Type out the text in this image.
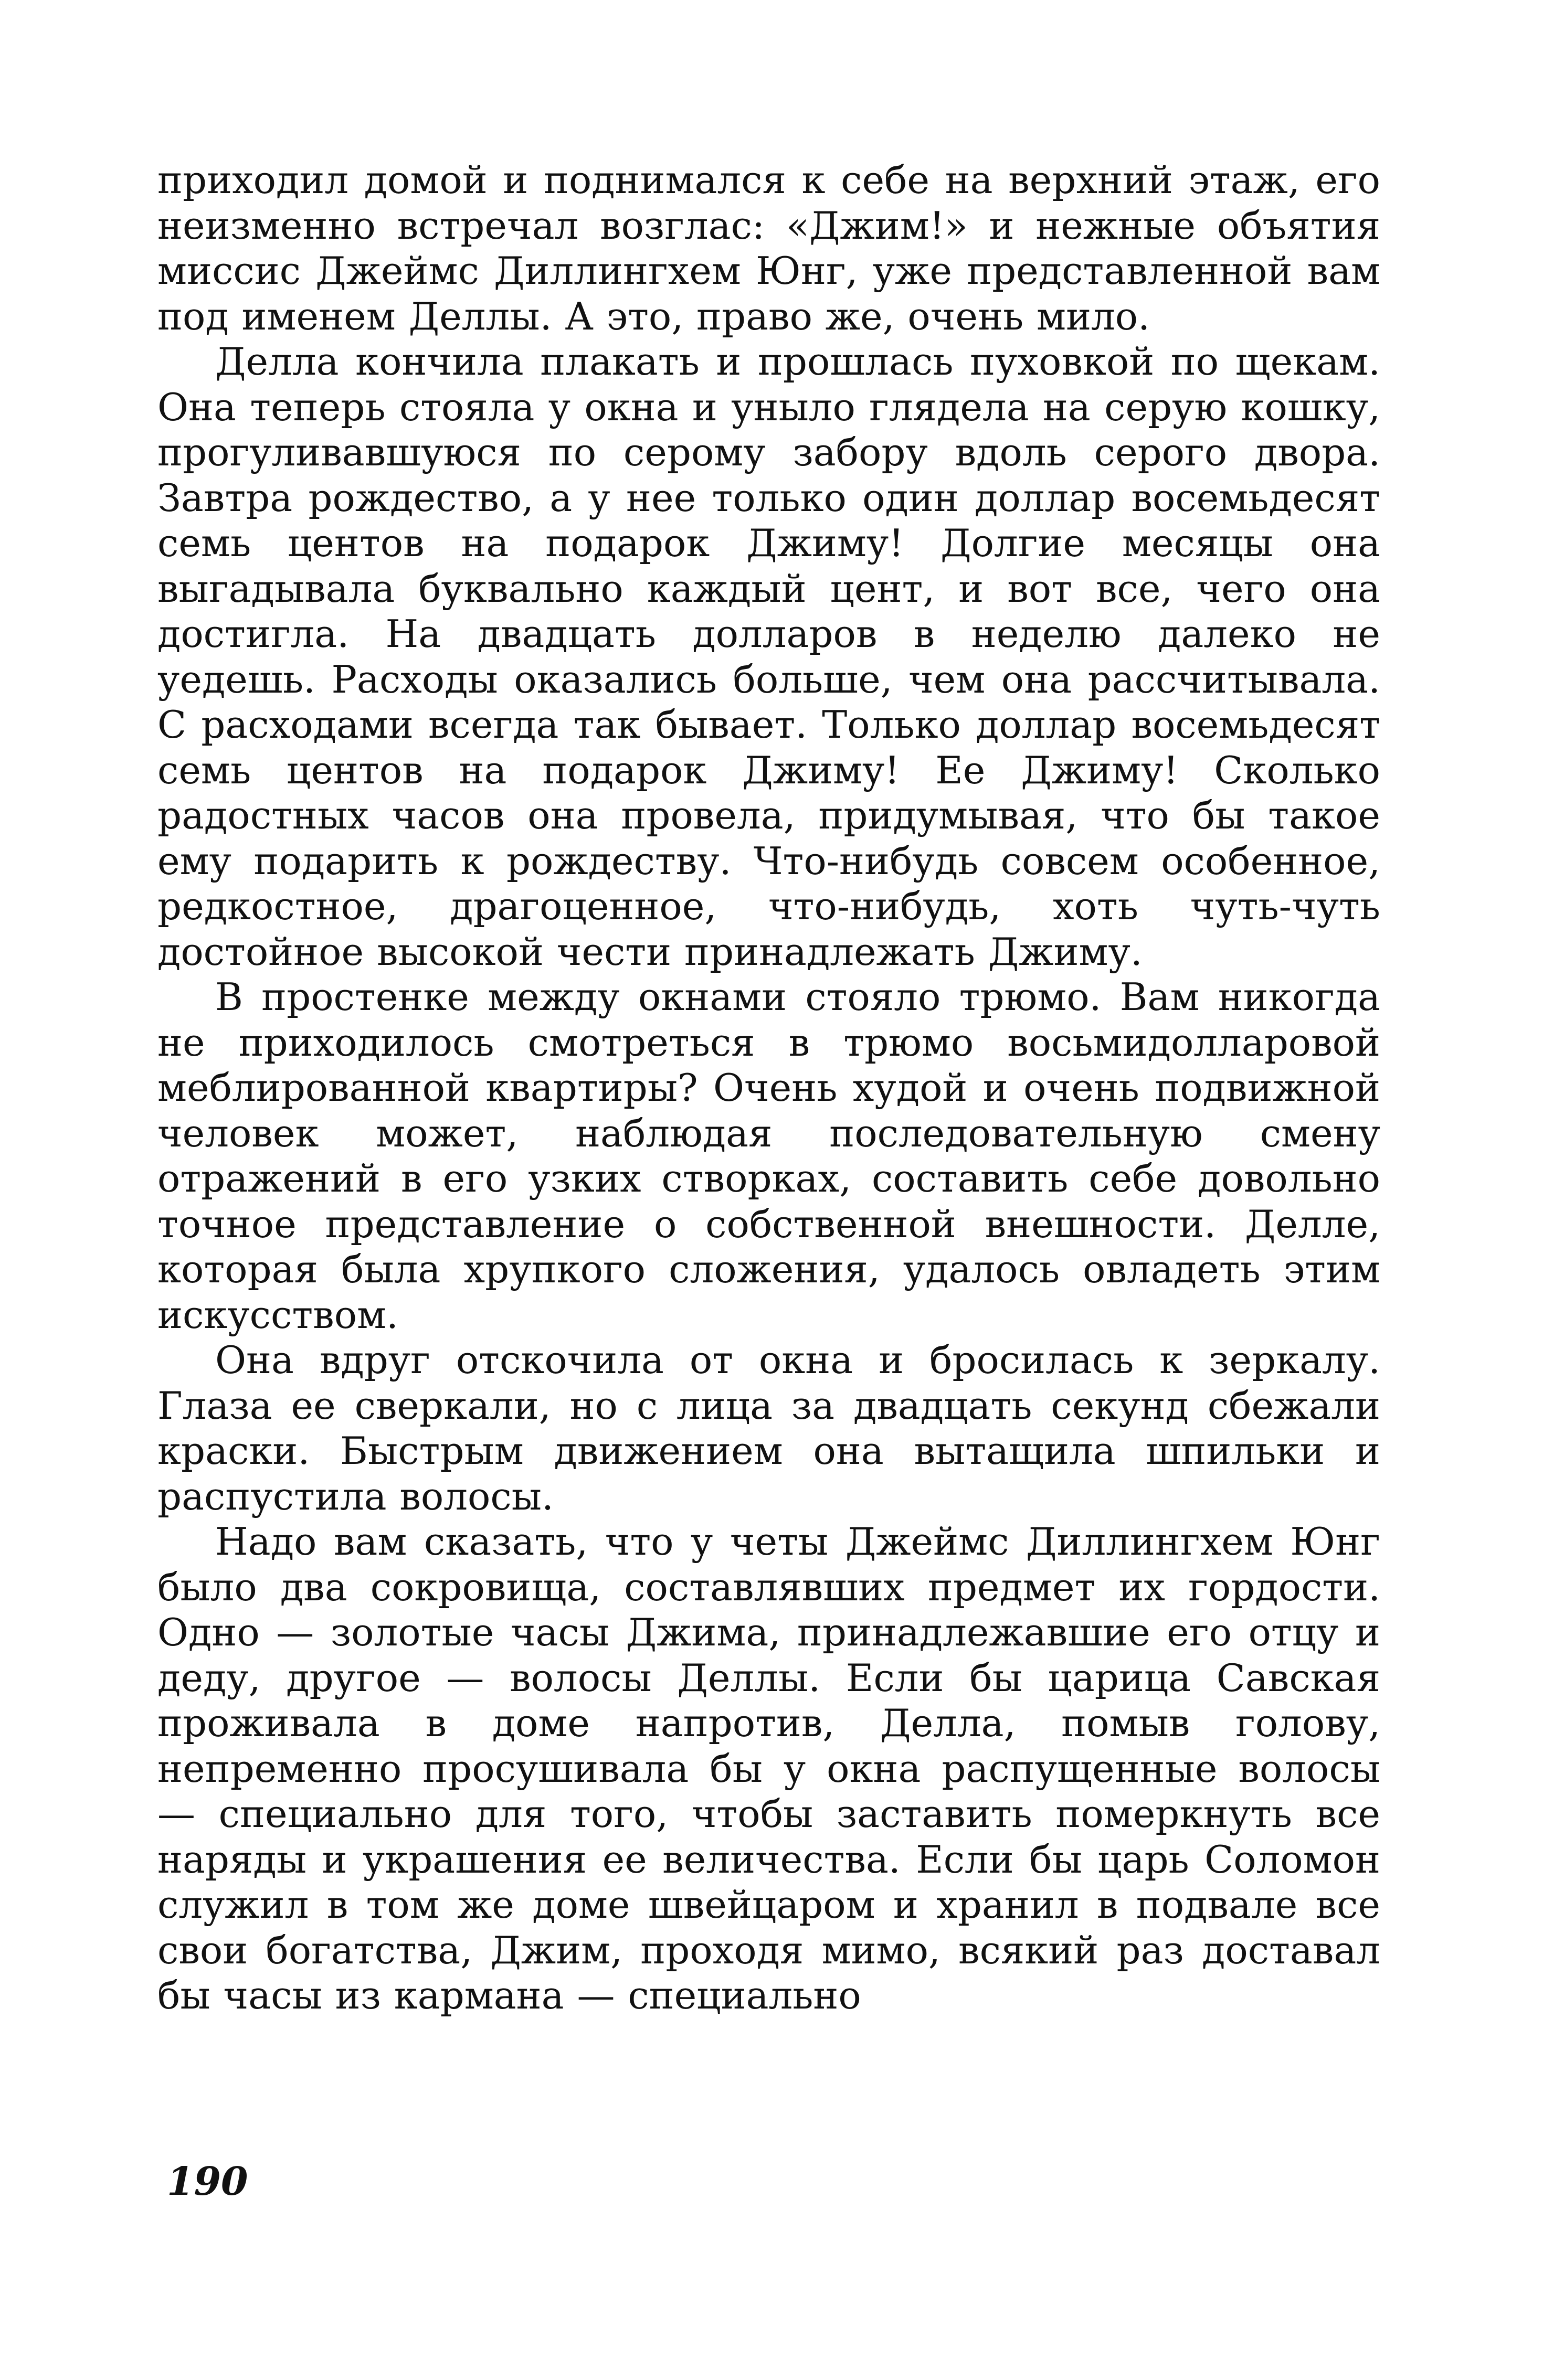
приходил домой и поднимался к себе на верхний этаж, его неизменно встречал возглас: «Джим!» и нежные объятия миссис Джеймс Диллингхем Юнг, уже представленной вам под именем Деллы. А это, право же, очень мило.

Делла кончила плакать и прошлась пуховкой по щекам. Она теперь стояла у окна и уныло глядела на серую кошку, прогуливавшуюся по серому забору вдоль серого двора. Завтра рождество, а у нее только один доллар восемьдесят семь центов на подарок Джиму! Долгие месяцы она выгадывала буквально каждый цент, и вот все, чего она достигла. На двадцать долларов в неделю далеко не уедешь. Расходы оказались больше, чем она рассчитывала. С расходами всегда так бывает. Только доллар восемьдесят семь центов на подарок Джиму! Ее Джиму! Сколько радостных часов она провела, придумывая, что бы такое ему подарить к рождеству. Что-нибудь совсем особенное, редкостное, драгоценное, что-нибудь, хоть чуть-чуть достойное высокой чести принадлежать Джиму.

В простенке между окнами стояло трюмо. Вам никогда не приходилось смотреться в трюмо восьмидолларовой меблированной квартиры? Очень худой и очень подвижной человек может, наблюдая последовательную смену отражений в его узких створках, составить себе довольно точное представление о собственной внешности. Делле, которая была хрупкого сложения, удалось овладеть этим искусством.

Она вдруг отскочила от окна и бросилась к зеркалу. Глаза ее сверкали, но с лица за двадцать секунд сбежали краски. Быстрым движением она вытащила шпильки и распустила волосы.

Надо вам сказать, что у четы Джеймс Диллингхем Юнг было два сокровища, составлявших предмет их гордости. Одно — золотые часы Джима, принадлежавшие его отцу и деду, другое — волосы Деллы. Если бы царица Савская проживала в доме напротив, Делла, помыв голову, непременно просушивала бы у окна распущенные волосы — специально для того, чтобы заставить померкнуть все наряды и украшения ее величества. Если бы царь Соломон служил в том же доме швейцаром и хранил в подвале все свои богатства, Джим, проходя мимо, всякий раз доставал бы часы из кармана — специально

190
